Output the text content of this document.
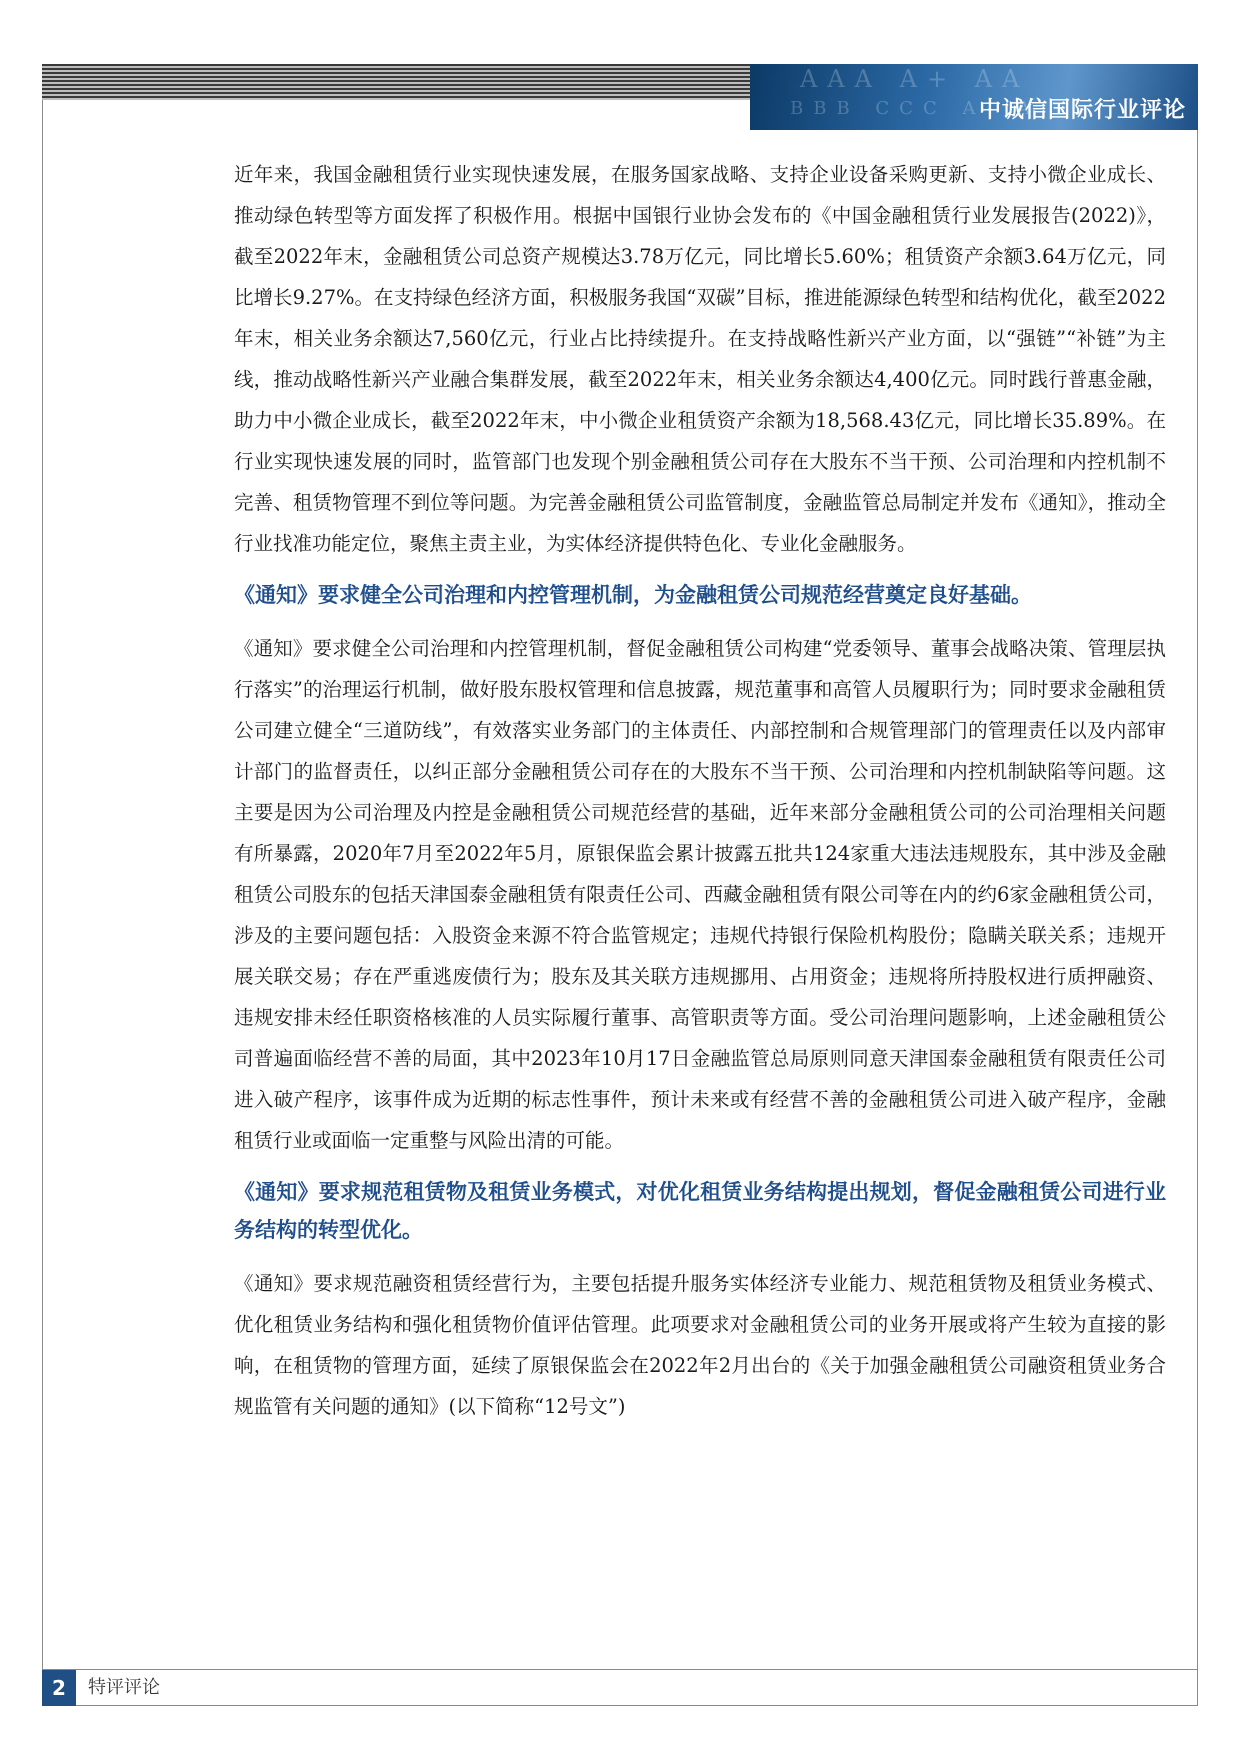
AAA A+ AA
BBB CCC A- A
中诚信国际行业评论

近年来，我国金融租赁行业实现快速发展，在服务国家战略、支持企业设备采购更新、支持小微企业成长、推动绿色转型等方面发挥了积极作用。根据中国银行业协会发布的《中国金融租赁行业发展报告(2022)》，截至2022年末，金融租赁公司总资产规模达3.78万亿元，同比增长5.60%；租赁资产余额3.64万亿元，同比增长9.27%。在支持绿色经济方面，积极服务我国“双碳”目标，推进能源绿色转型和结构优化，截至2022年末，相关业务余额达7,560亿元，行业占比持续提升。在支持战略性新兴产业方面，以“强链”“补链”为主线，推动战略性新兴产业融合集群发展，截至2022年末，相关业务余额达4,400亿元。同时践行普惠金融，助力中小微企业成长，截至2022年末，中小微企业租赁资产余额为18,568.43亿元，同比增长35.89%。在行业实现快速发展的同时，监管部门也发现个别金融租赁公司存在大股东不当干预、公司治理和内控机制不完善、租赁物管理不到位等问题。为完善金融租赁公司监管制度，金融监管总局制定并发布《通知》，推动全行业找准功能定位，聚焦主责主业，为实体经济提供特色化、专业化金融服务。

《通知》要求健全公司治理和内控管理机制，为金融租赁公司规范经营奠定良好基础。

《通知》要求健全公司治理和内控管理机制，督促金融租赁公司构建“党委领导、董事会战略决策、管理层执行落实”的治理运行机制，做好股东股权管理和信息披露，规范董事和高管人员履职行为；同时要求金融租赁公司建立健全“三道防线”，有效落实业务部门的主体责任、内部控制和合规管理部门的管理责任以及内部审计部门的监督责任，以纠正部分金融租赁公司存在的大股东不当干预、公司治理和内控机制缺陷等问题。这主要是因为公司治理及内控是金融租赁公司规范经营的基础，近年来部分金融租赁公司的公司治理相关问题有所暴露，2020年7月至2022年5月，原银保监会累计披露五批共124家重大违法违规股东，其中涉及金融租赁公司股东的包括天津国泰金融租赁有限责任公司、西藏金融租赁有限公司等在内的约6家金融租赁公司，涉及的主要问题包括：入股资金来源不符合监管规定；违规代持银行保险机构股份；隐瞒关联关系；违规开展关联交易；存在严重逃废债行为；股东及其关联方违规挪用、占用资金；违规将所持股权进行质押融资、违规安排未经任职资格核准的人员实际履行董事、高管职责等方面。受公司治理问题影响，上述金融租赁公司普遍面临经营不善的局面，其中2023年10月17日金融监管总局原则同意天津国泰金融租赁有限责任公司进入破产程序，该事件成为近期的标志性事件，预计未来或有经营不善的金融租赁公司进入破产程序，金融租赁行业或面临一定重整与风险出清的可能。

《通知》要求规范租赁物及租赁业务模式，对优化租赁业务结构提出规划，督促金融租赁公司进行业务结构的转型优化。

《通知》要求规范融资租赁经营行为，主要包括提升服务实体经济专业能力、规范租赁物及租赁业务模式、优化租赁业务结构和强化租赁物价值评估管理。此项要求对金融租赁公司的业务开展或将产生较为直接的影响，在租赁物的管理方面，延续了原银保监会在2022年2月出台的《关于加强金融租赁公司融资租赁业务合规监管有关问题的通知》(以下简称“12号文”)

2	特评评论
